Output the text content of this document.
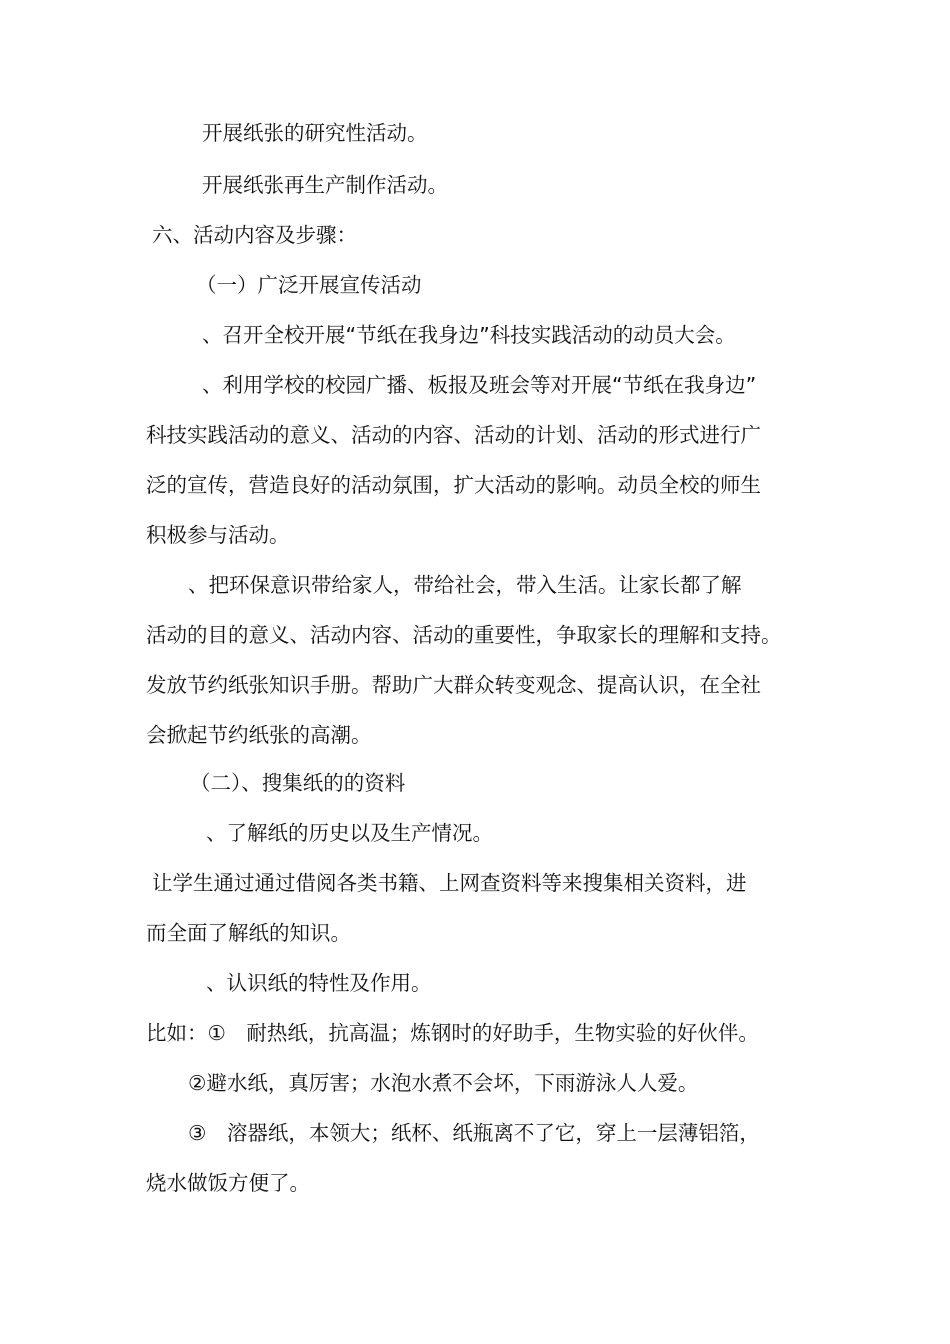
开展纸张的研究性活动。

开展纸张再生产制作活动。

六、活动内容及步骤：

（一）广泛开展宣传活动

、召开全校开展“节纸在我身边”科技实践活动的动员大会。

、利用学校的校园广播、板报及班会等对开展“节纸在我身边”

科技实践活动的意义、活动的内容、活动的计划、活动的形式进行广

泛的宣传，营造良好的活动氛围，扩大活动的影响。动员全校的师生

积极参与活动。

、把环保意识带给家人，带给社会，带入生活。让家长都了解

活动的目的意义、活动内容、活动的重要性，争取家长的理解和支持。

发放节约纸张知识手册。帮助广大群众转变观念、提高认识，在全社

会掀起节约纸张的高潮。

（二）、搜集纸的的资料

、了解纸的历史以及生产情况。

让学生通过通过借阅各类书籍、上网查资料等来搜集相关资料，进

而全面了解纸的知识。

、认识纸的特性及作用。

比如：①　耐热纸，抗高温；炼钢时的好助手，生物实验的好伙伴。

②避水纸，真厉害；水泡水煮不会坏，下雨游泳人人爱。

③　溶器纸，本领大；纸杯、纸瓶离不了它，穿上一层薄铝箔，

烧水做饭方便了。
